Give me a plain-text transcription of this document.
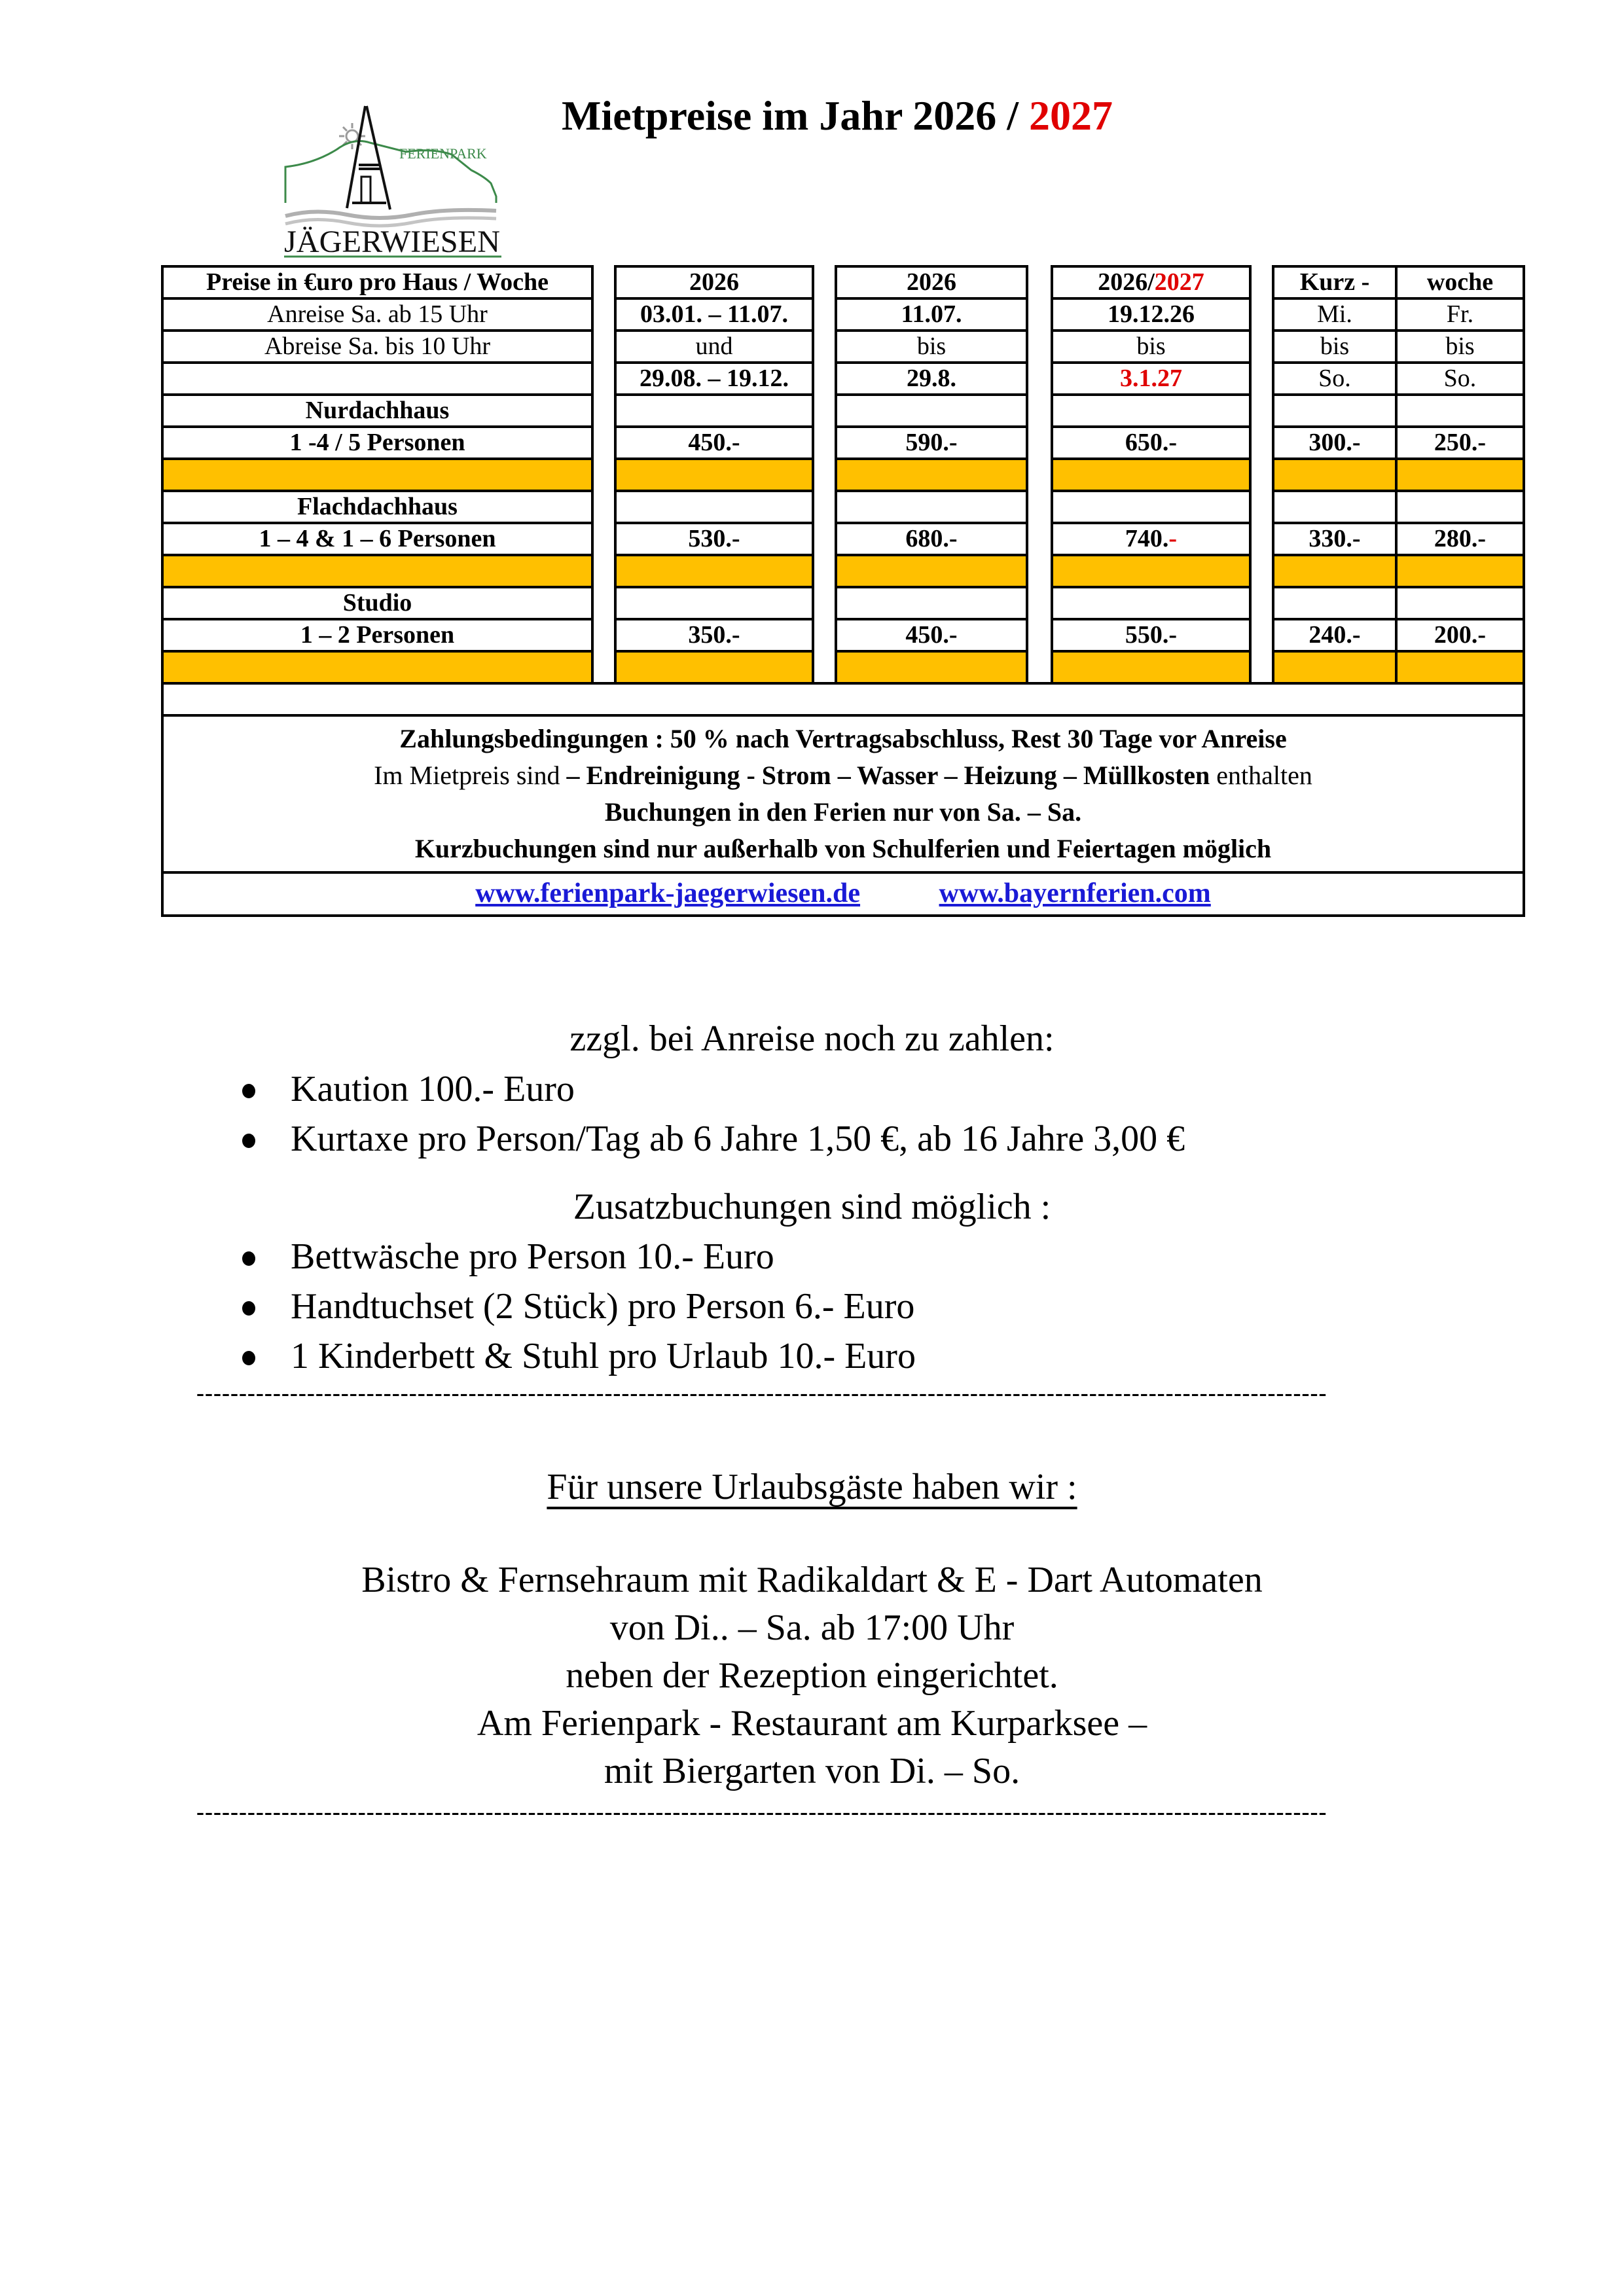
FERIENPARK
JÄGERWIESEN
Mietpreise im Jahr 2026 / 2027
Preise in €uro pro Haus / Woche		2026		2026		2026/2027		Kurz -	woche
Anreise Sa. ab 15 Uhr		03.01. – 11.07.		11.07.		19.12.26		Mi.	Fr.
Abreise Sa. bis 10 Uhr		und		bis		bis		bis	bis
		29.08. – 19.12.		29.8.		3.1.27		So.	So.
Nurdachhaus									
1 -4 / 5 Personen		450.-		590.-		650.-		300.-	250.-

Flachdachhaus									
1 – 4 & 1 – 6 Personen		530.-		680.-		740.-		330.-	280.-

Studio									
1 – 2 Personen		350.-		450.-		550.-		240.-	200.-

Zahlungsbedingungen : 50 % nach Vertragsabschluss, Rest 30 Tage vor Anreise
Im Mietpreis sind – Endreinigung - Strom – Wasser – Heizung – Müllkosten enthalten
Buchungen in den Ferien nur von Sa. – Sa.
Kurzbuchungen sind nur außerhalb von Schulferien und Feiertagen möglich									

www.ferienpark-jaegerwiesen.de www.bayernferien.com									
zzgl. bei Anreise noch zu zahlen:
Kaution 100.- Euro
Kurtaxe pro Person/Tag ab 6 Jahre 1,50 €, ab 16 Jahre 3,00 €
Zusatzbuchungen sind möglich :
Bettwäsche pro Person 10.- Euro
Handtuchset (2 Stück) pro Person 6.- Euro
1 Kinderbett & Stuhl pro Urlaub 10.- Euro
-------------------------------------------------------------------------------------------------------------------------------------
Für unsere Urlaubsgäste haben wir :
Bistro & Fernsehraum mit Radikaldart & E - Dart Automaten
von Di.. – Sa. ab 17:00 Uhr
neben der Rezeption eingerichtet.
Am Ferienpark - Restaurant am Kurparksee –
mit Biergarten von Di. – So.
-------------------------------------------------------------------------------------------------------------------------------------
